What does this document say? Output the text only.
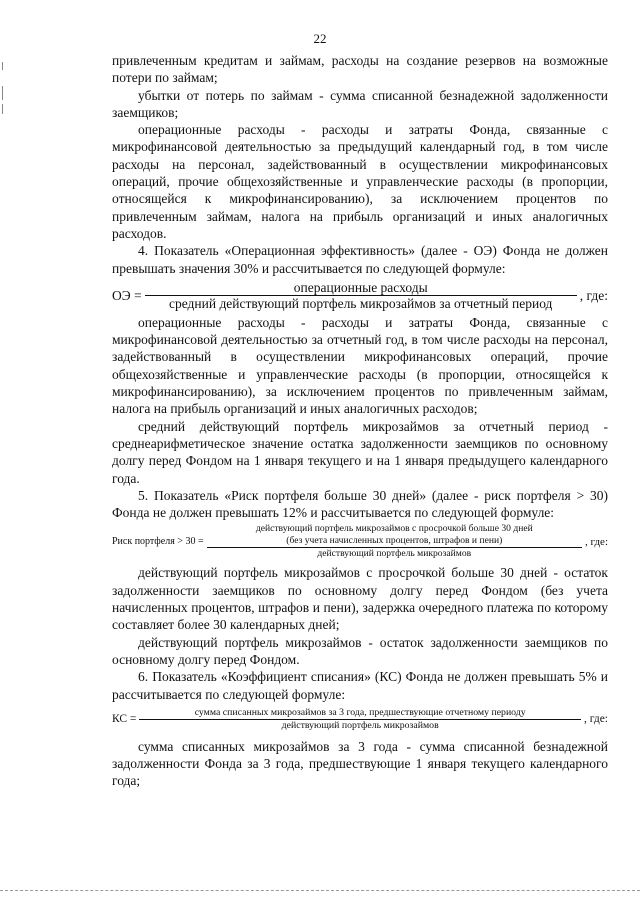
22

привлеченным кредитам и займам, расходы на создание резервов на возможные потери по займам;

убытки от потерь по займам - сумма списанной безнадежной задолженности заемщиков;

операционные расходы - расходы и затраты Фонда, связанные с микрофинансовой деятельностью за предыдущий календарный год, в том числе расходы на персонал, задействованный в осуществлении микрофинансовых операций, прочие общехозяйственные и управленческие расходы (в пропорции, относящейся к микрофинансированию), за исключением процентов по привлеченным займам, налога на прибыль организаций и иных аналогичных расходов.

4. Показатель «Операционная эффективность» (далее - ОЭ) Фонда не должен превышать значения 30% и рассчитывается по следующей формуле:

ОЭ = $\frac{\text{операционные расходы}}{\text{средний действующий портфель микрозаймов за отчетный период}}$ , где:

операционные расходы - расходы и затраты Фонда, связанные с микрофинансовой деятельностью за отчетный год, в том числе расходы на персонал, задействованный в осуществлении микрофинансовых операций, прочие общехозяйственные и управленческие расходы (в пропорции, относящейся к микрофинансированию), за исключением процентов по привлеченным займам, налога на прибыль организаций и иных аналогичных расходов;

средний действующий портфель микрозаймов за отчетный период - среднеарифметическое значение остатка задолженности заемщиков по основному долгу перед Фондом на 1 января текущего и на 1 января предыдущего календарного года.

5. Показатель «Риск портфеля больше 30 дней» (далее - риск портфеля > 30) Фонда не должен превышать 12% и рассчитывается по следующей формуле:

Риск портфеля > 30 =
действующий портфель микрозаймов с просрочкой больше 30 дней
(без учета начисленных процентов, штрафов и пени)
действующий портфель микрозаймов
, где:

действующий портфель микрозаймов с просрочкой больше 30 дней - остаток задолженности заемщиков по основному долгу перед Фондом (без учета начисленных процентов, штрафов и пени), задержка очередного платежа по которому составляет более 30 календарных дней;

действующий портфель микрозаймов - остаток задолженности заемщиков по основному долгу перед Фондом.

6. Показатель «Коэффициент списания» (КС) Фонда не должен превышать 5% и рассчитывается по следующей формуле:

КС =
сумма списанных микрозаймов за 3 года, предшествующие отчетному периоду
действующий портфель микрозаймов	, где:

сумма списанных микрозаймов за 3 года - сумма списанной безнадежной задолженности Фонда за 3 года, предшествующие 1 января текущего календарного года;
